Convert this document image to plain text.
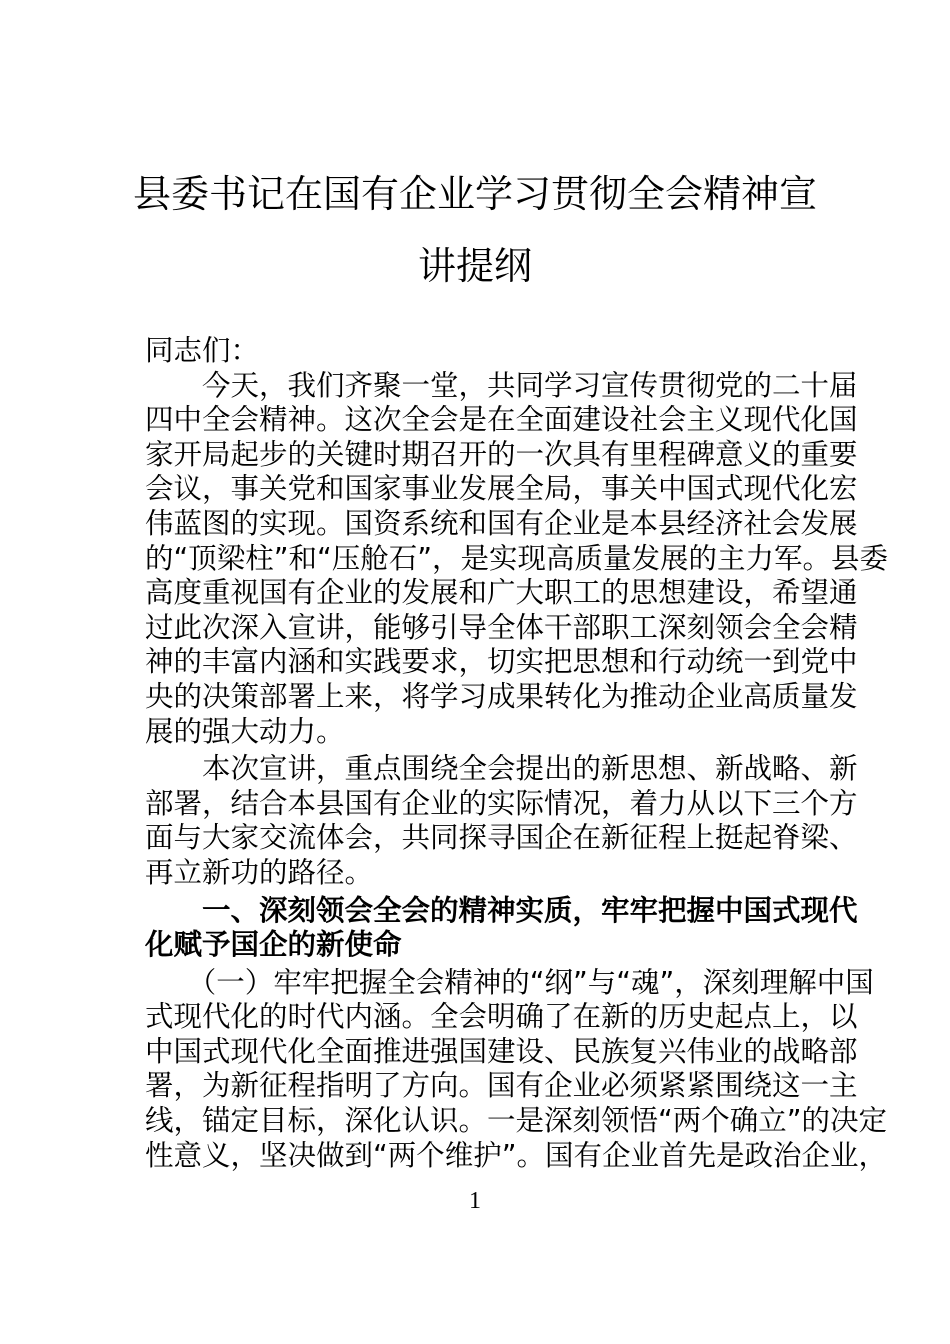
县委书记在国有企业学习贯彻全会精神宣
讲提纲
同志们：
　　今天，我们齐聚一堂，共同学习宣传贯彻党的二十届
四中全会精神。这次全会是在全面建设社会主义现代化国
家开局起步的关键时期召开的一次具有里程碑意义的重要
会议，事关党和国家事业发展全局，事关中国式现代化宏
伟蓝图的实现。国资系统和国有企业是本县经济社会发展
的“顶梁柱”和“压舱石”，是实现高质量发展的主力军。县委
高度重视国有企业的发展和广大职工的思想建设，希望通
过此次深入宣讲，能够引导全体干部职工深刻领会全会精
神的丰富内涵和实践要求，切实把思想和行动统一到党中
央的决策部署上来，将学习成果转化为推动企业高质量发
展的强大动力。
　　本次宣讲，重点围绕全会提出的新思想、新战略、新
部署，结合本县国有企业的实际情况，着力从以下三个方
面与大家交流体会，共同探寻国企在新征程上挺起脊梁、
再立新功的路径。
　　一、深刻领会全会的精神实质，牢牢把握中国式现代
化赋予国企的新使命
　　（一）牢牢把握全会精神的“纲”与“魂”，深刻理解中国
式现代化的时代内涵。全会明确了在新的历史起点上，以
中国式现代化全面推进强国建设、民族复兴伟业的战略部
署，为新征程指明了方向。国有企业必须紧紧围绕这一主
线，锚定目标，深化认识。一是深刻领悟“两个确立”的决定
性意义，坚决做到“两个维护”。国有企业首先是政治企业，
1
